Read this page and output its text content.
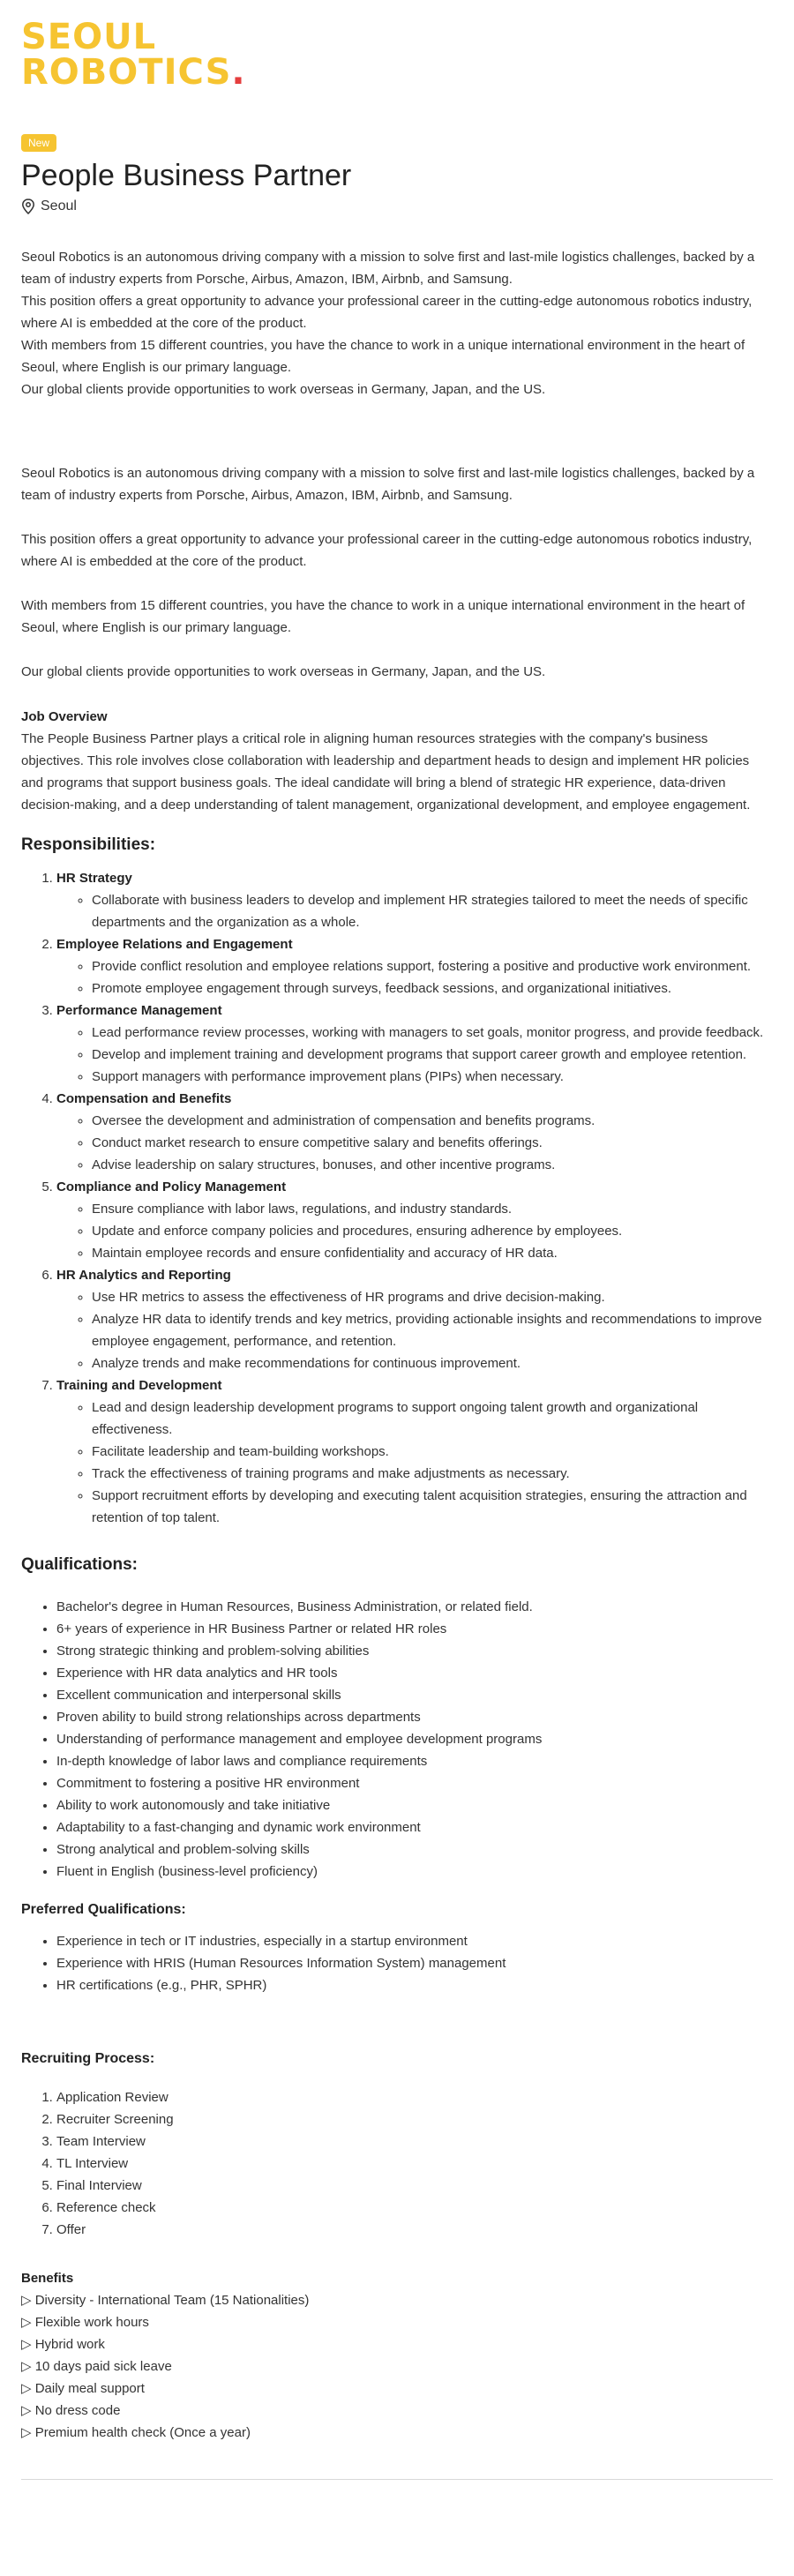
SEOUL
ROBOTICS.
New
People Business Partner
Seoul

Seoul Robotics is an autonomous driving company with a mission to solve first and last-mile logistics challenges, backed by a team of industry experts from Porsche, Airbus, Amazon, IBM, Airbnb, and Samsung.

This position offers a great opportunity to advance your professional career in the cutting-edge autonomous robotics industry, where AI is embedded at the core of the product.

With members from 15 different countries, you have the chance to work in a unique international environment in the heart of Seoul, where English is our primary language.

Our global clients provide opportunities to work overseas in Germany, Japan, and the US.

Seoul Robotics is an autonomous driving company with a mission to solve first and last-mile logistics challenges, backed by a team of industry experts from Porsche, Airbus, Amazon, IBM, Airbnb, and Samsung.

This position offers a great opportunity to advance your professional career in the cutting-edge autonomous robotics industry, where AI is embedded at the core of the product.

With members from 15 different countries, you have the chance to work in a unique international environment in the heart of Seoul, where English is our primary language.

Our global clients provide opportunities to work overseas in Germany, Japan, and the US.

Job Overview

The People Business Partner plays a critical role in aligning human resources strategies with the company's business objectives. This role involves close collaboration with leadership and department heads to design and implement HR policies and programs that support business goals. The ideal candidate will bring a blend of strategic HR experience, data-driven decision-making, and a deep understanding of talent management, organizational development, and employee engagement.

Responsibilities:
1. HR Strategy
◦ Collaborate with business leaders to develop and implement HR strategies tailored to meet the needs of specific departments and the organization as a whole.
2. Employee Relations and Engagement
◦ Provide conflict resolution and employee relations support, fostering a positive and productive work environment.
◦ Promote employee engagement through surveys, feedback sessions, and organizational initiatives.
3. Performance Management
◦ Lead performance review processes, working with managers to set goals, monitor progress, and provide feedback.
◦ Develop and implement training and development programs that support career growth and employee retention.
◦ Support managers with performance improvement plans (PIPs) when necessary.
4. Compensation and Benefits
◦ Oversee the development and administration of compensation and benefits programs.
◦ Conduct market research to ensure competitive salary and benefits offerings.
◦ Advise leadership on salary structures, bonuses, and other incentive programs.
5. Compliance and Policy Management
◦ Ensure compliance with labor laws, regulations, and industry standards.
◦ Update and enforce company policies and procedures, ensuring adherence by employees.
◦ Maintain employee records and ensure confidentiality and accuracy of HR data.
6. HR Analytics and Reporting
◦ Use HR metrics to assess the effectiveness of HR programs and drive decision-making.
◦ Analyze HR data to identify trends and key metrics, providing actionable insights and recommendations to improve employee engagement, performance, and retention.
◦ Analyze trends and make recommendations for continuous improvement.
7. Training and Development
◦ Lead and design leadership development programs to support ongoing talent growth and organizational effectiveness.
◦ Facilitate leadership and team-building workshops.
◦ Track the effectiveness of training programs and make adjustments as necessary.
◦ Support recruitment efforts by developing and executing talent acquisition strategies, ensuring the attraction and retention of top talent.
Qualifications:
• Bachelor's degree in Human Resources, Business Administration, or related field.
• 6+ years of experience in HR Business Partner or related HR roles
• Strong strategic thinking and problem-solving abilities
• Experience with HR data analytics and HR tools
• Excellent communication and interpersonal skills
• Proven ability to build strong relationships across departments
• Understanding of performance management and employee development programs
• In-depth knowledge of labor laws and compliance requirements
• Commitment to fostering a positive HR environment
• Ability to work autonomously and take initiative
• Adaptability to a fast-changing and dynamic work environment
• Strong analytical and problem-solving skills
• Fluent in English (business-level proficiency)
Preferred Qualifications:
• Experience in tech or IT industries, especially in a startup environment
• Experience with HRIS (Human Resources Information System) management
• HR certifications (e.g., PHR, SPHR)
Recruiting Process:
1. Application Review
2. Recruiter Screening
3. Team Interview
4. TL Interview
5. Final Interview
6. Reference check
7. Offer

Benefits

▷ Diversity - International Team (15 Nationalities)
▷ Flexible work hours
▷ Hybrid work
▷ 10 days paid sick leave
▷ Daily meal support
▷ No dress code
▷ Premium health check (Once a year)
